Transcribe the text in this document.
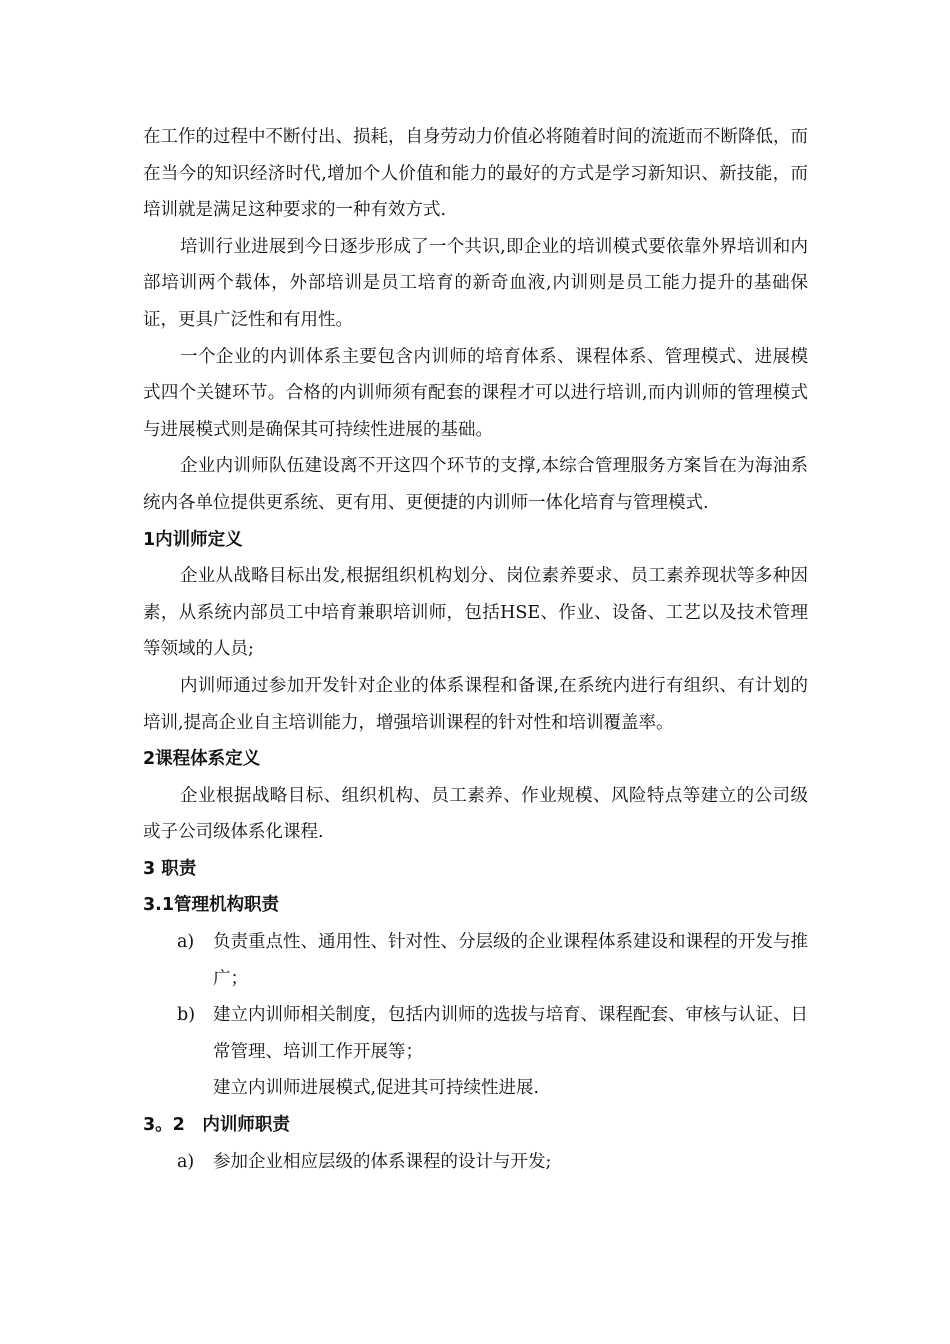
在工作的过程中不断付出、损耗，自身劳动力价值必将随着时间的流逝而不断降低，而在当今的知识经济时代,增加个人价值和能力的最好的方式是学习新知识、新技能，而培训就是满足这种要求的一种有效方式.

培训行业进展到今日逐步形成了一个共识,即企业的培训模式要依靠外界培训和内部培训两个载体，外部培训是员工培育的新奇血液,内训则是员工能力提升的基础保证，更具广泛性和有用性。

一个企业的内训体系主要包含内训师的培育体系、课程体系、管理模式、进展模式四个关键环节。合格的内训师须有配套的课程才可以进行培训,而内训师的管理模式与进展模式则是确保其可持续性进展的基础。

企业内训师队伍建设离不开这四个环节的支撑,本综合管理服务方案旨在为海油系统内各单位提供更系统、更有用、更便捷的内训师一体化培育与管理模式.

1内训师定义

企业从战略目标出发,根据组织机构划分、岗位素养要求、员工素养现状等多种因素，从系统内部员工中培育兼职培训师，包括HSE、作业、设备、工艺以及技术管理等领域的人员;

内训师通过参加开发针对企业的体系课程和备课,在系统内进行有组织、有计划的培训,提高企业自主培训能力，增强培训课程的针对性和培训覆盖率。

2课程体系定义

企业根据战略目标、组织机构、员工素养、作业规模、风险特点等建立的公司级或子公司级体系化课程.

3 职责
3.1管理机构职责
a)	负责重点性、通用性、针对性、分层级的企业课程体系建设和课程的开发与推广；
b)	建立内训师相关制度，包括内训师的选拔与培育、课程配套、审核与认证、日常管理、培训工作开展等；

建立内训师进展模式,促进其可持续性进展.

3。2　内训师职责
a)	参加企业相应层级的体系课程的设计与开发;
